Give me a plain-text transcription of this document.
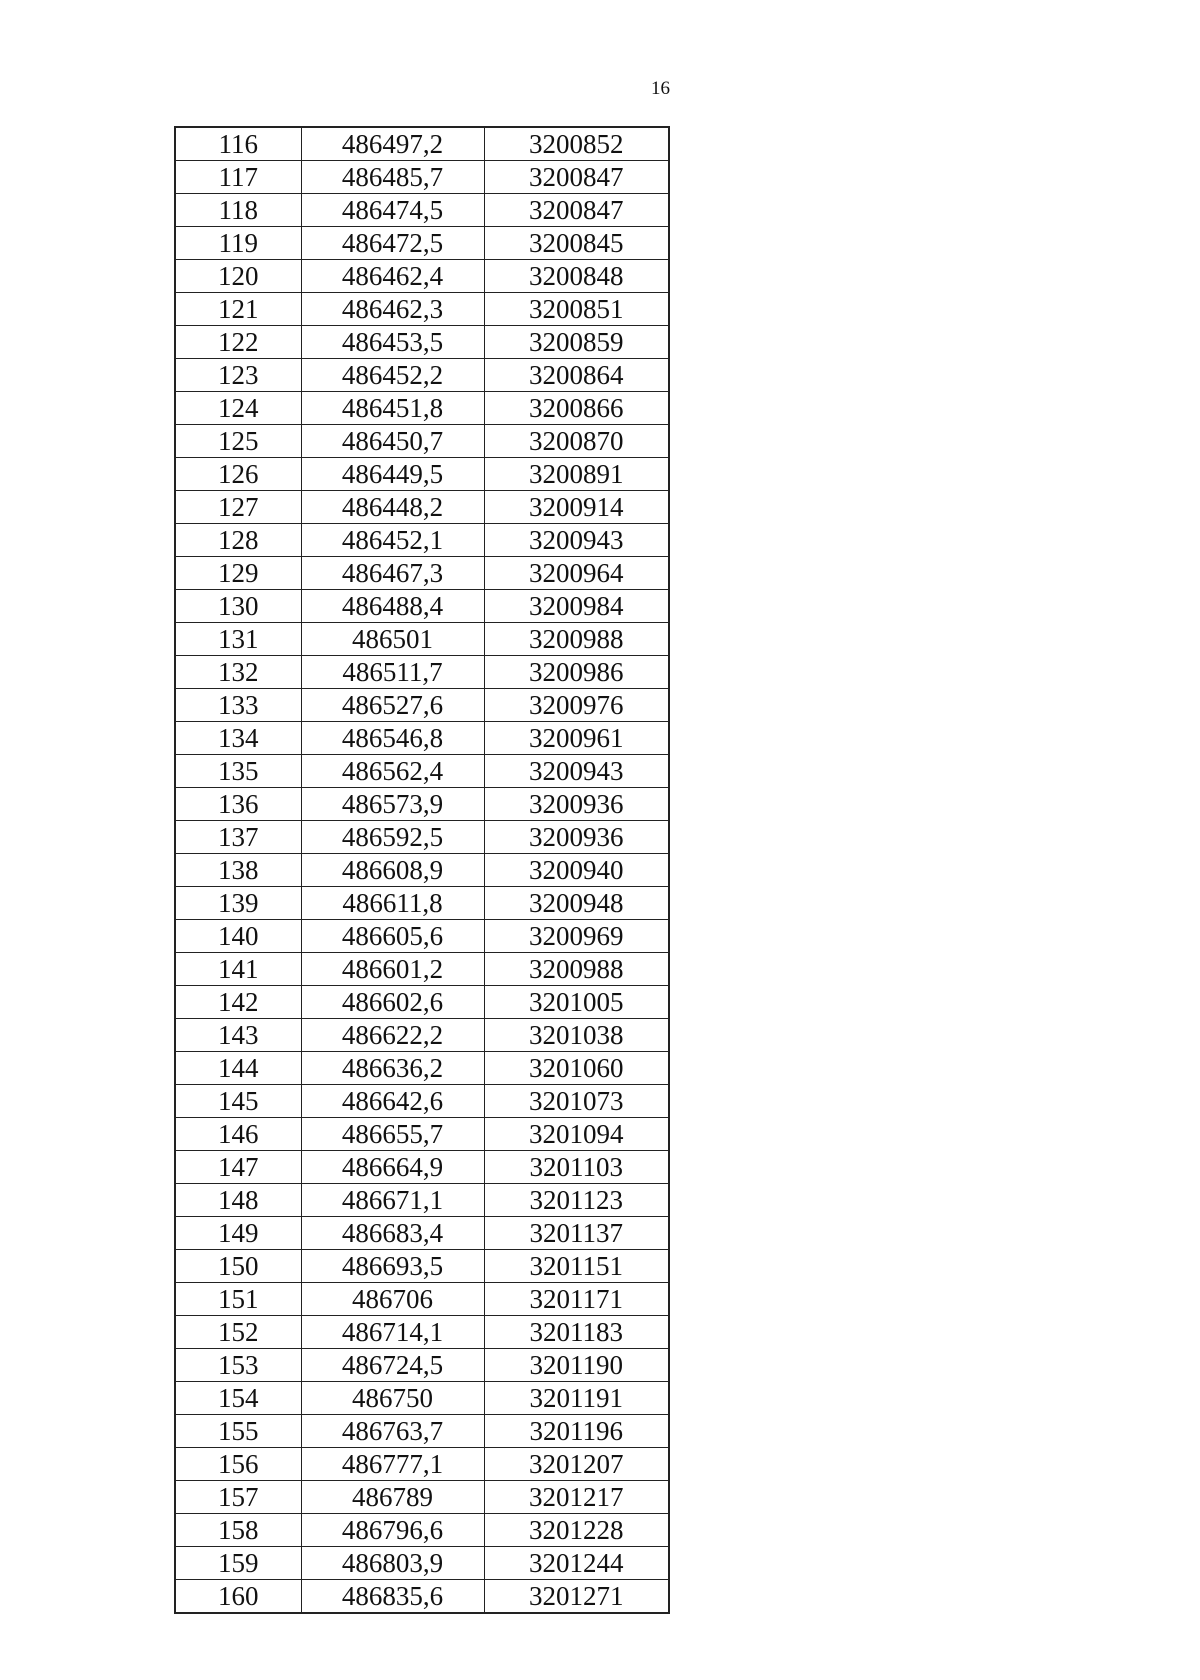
16
116	486497,2	3200852
117	486485,7	3200847
118	486474,5	3200847
119	486472,5	3200845
120	486462,4	3200848
121	486462,3	3200851
122	486453,5	3200859
123	486452,2	3200864
124	486451,8	3200866
125	486450,7	3200870
126	486449,5	3200891
127	486448,2	3200914
128	486452,1	3200943
129	486467,3	3200964
130	486488,4	3200984
131	486501	3200988
132	486511,7	3200986
133	486527,6	3200976
134	486546,8	3200961
135	486562,4	3200943
136	486573,9	3200936
137	486592,5	3200936
138	486608,9	3200940
139	486611,8	3200948
140	486605,6	3200969
141	486601,2	3200988
142	486602,6	3201005
143	486622,2	3201038
144	486636,2	3201060
145	486642,6	3201073
146	486655,7	3201094
147	486664,9	3201103
148	486671,1	3201123
149	486683,4	3201137
150	486693,5	3201151
151	486706	3201171
152	486714,1	3201183
153	486724,5	3201190
154	486750	3201191
155	486763,7	3201196
156	486777,1	3201207
157	486789	3201217
158	486796,6	3201228
159	486803,9	3201244
160	486835,6	3201271
